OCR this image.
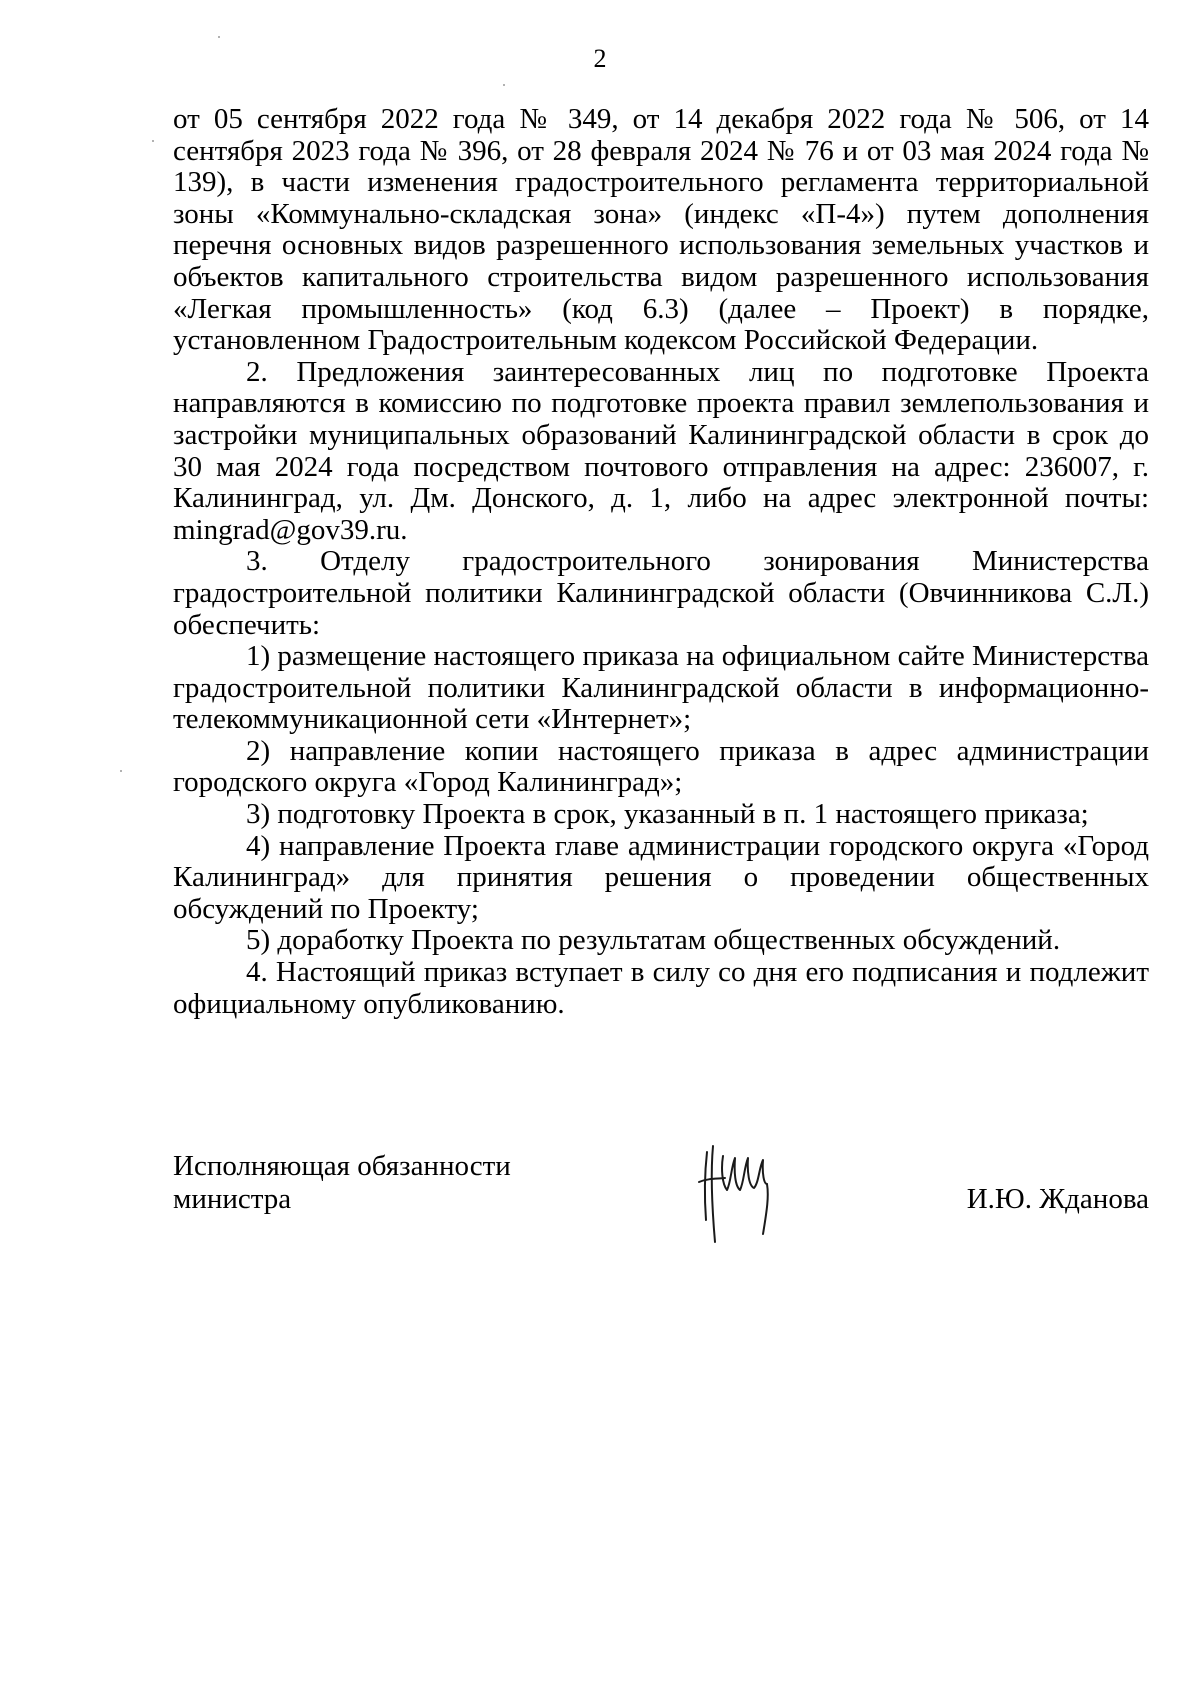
2

от 05 сентября 2022 года № 349, от 14 декабря 2022 года № 506, от 14 сентября 2023 года № 396, от 28 февраля 2024 № 76 и от 03 мая 2024 года № 139), в части изменения градостроительного регламента территориальной зоны «Коммунально-складская зона» (индекс «П-4») путем дополнения перечня основных видов разрешенного использования земельных участков и объектов капитального строительства видом разрешенного использования «Легкая промышленность» (код 6.3) (далее – Проект) в порядке, установленном Градостроительным кодексом Российской Федерации.

2. Предложения заинтересованных лиц по подготовке Проекта направляются в комиссию по подготовке проекта правил землепользования и застройки муниципальных образований Калининградской области в срок до 30 мая 2024 года посредством почтового отправления на адрес: 236007, г. Калининград, ул. Дм. Донского, д. 1, либо на адрес электронной почты: mingrad@gov39.ru.

3. Отделу градостроительного зонирования Министерства градостроительной политики Калининградской области (Овчинникова С.Л.) обеспечить:

1) размещение настоящего приказа на официальном сайте Министерства градостроительной политики Калининградской области в информационно-телекоммуникационной сети «Интернет»;

2) направление копии настоящего приказа в адрес администрации городского округа «Город Калининград»;

3) подготовку Проекта в срок, указанный в п. 1 настоящего приказа;

4) направление Проекта главе администрации городского округа «Город Калининград» для принятия решения о проведении общественных обсуждений по Проекту;

5) доработку Проекта по результатам общественных обсуждений.

4. Настоящий приказ вступает в силу со дня его подписания и подлежит официальному опубликованию.

Исполняющая обязанности
министра	И.Ю. Жданова
